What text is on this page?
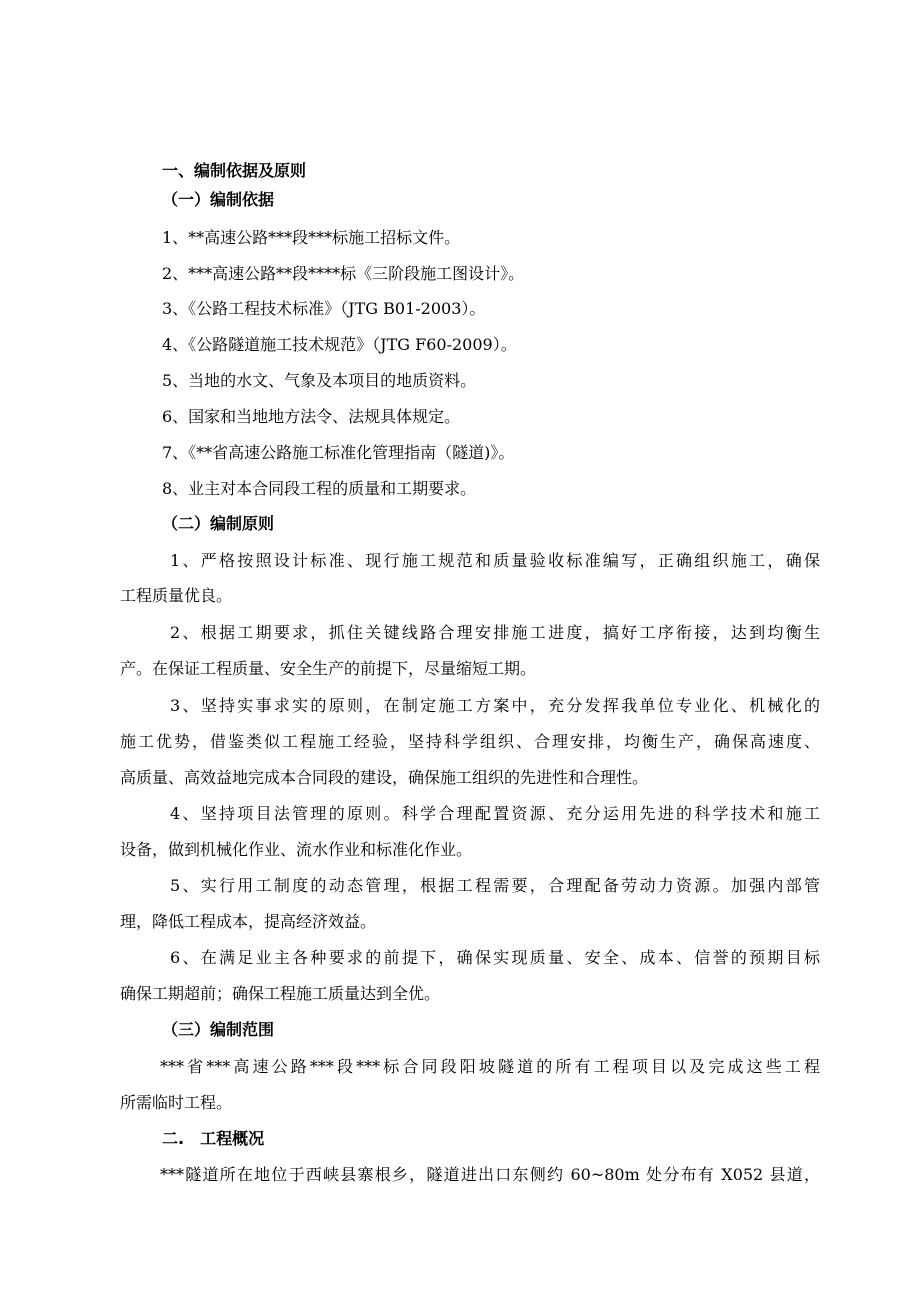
一、编制依据及原则
（一）编制依据
1、**高速公路***段***标施工招标文件。
2、***高速公路**段****标《三阶段施工图设计》。
3、《公路工程技术标准》（JTG B01-2003）。
4、《公路隧道施工技术规范》（JTG F60-2009）。
5、当地的水文、气象及本项目的地质资料。
6、国家和当地地方法令、法规具体规定。
7、《**省高速公路施工标准化管理指南（隧道)》。
8、业主对本合同段工程的质量和工期要求。
（二）编制原则
1、严格按照设计标准、现行施工规范和质量验收标准编写，正确组织施工，确保
工程质量优良。
2、根据工期要求，抓住关键线路合理安排施工进度，搞好工序衔接，达到均衡生
产。在保证工程质量、安全生产的前提下，尽量缩短工期。
3、坚持实事求实的原则，在制定施工方案中，充分发挥我单位专业化、机械化的
施工优势，借鉴类似工程施工经验，坚持科学组织、合理安排，均衡生产，确保高速度、
高质量、高效益地完成本合同段的建设，确保施工组织的先进性和合理性。
4、坚持项目法管理的原则。科学合理配置资源、充分运用先进的科学技术和施工
设备，做到机械化作业、流水作业和标准化作业。
5、实行用工制度的动态管理，根据工程需要，合理配备劳动力资源。加强内部管
理，降低工程成本，提高经济效益。
6、在满足业主各种要求的前提下，确保实现质量、安全、成本、信誉的预期目标
确保工期超前；确保工程施工质量达到全优。
（三）编制范围
***省***高速公路***段***标合同段阳坡隧道的所有工程项目以及完成这些工程
所需临时工程。
二.　工程概况
***隧道所在地位于西峡县寨根乡，隧道进出口东侧约 60~80m 处分布有 X052 县道，
